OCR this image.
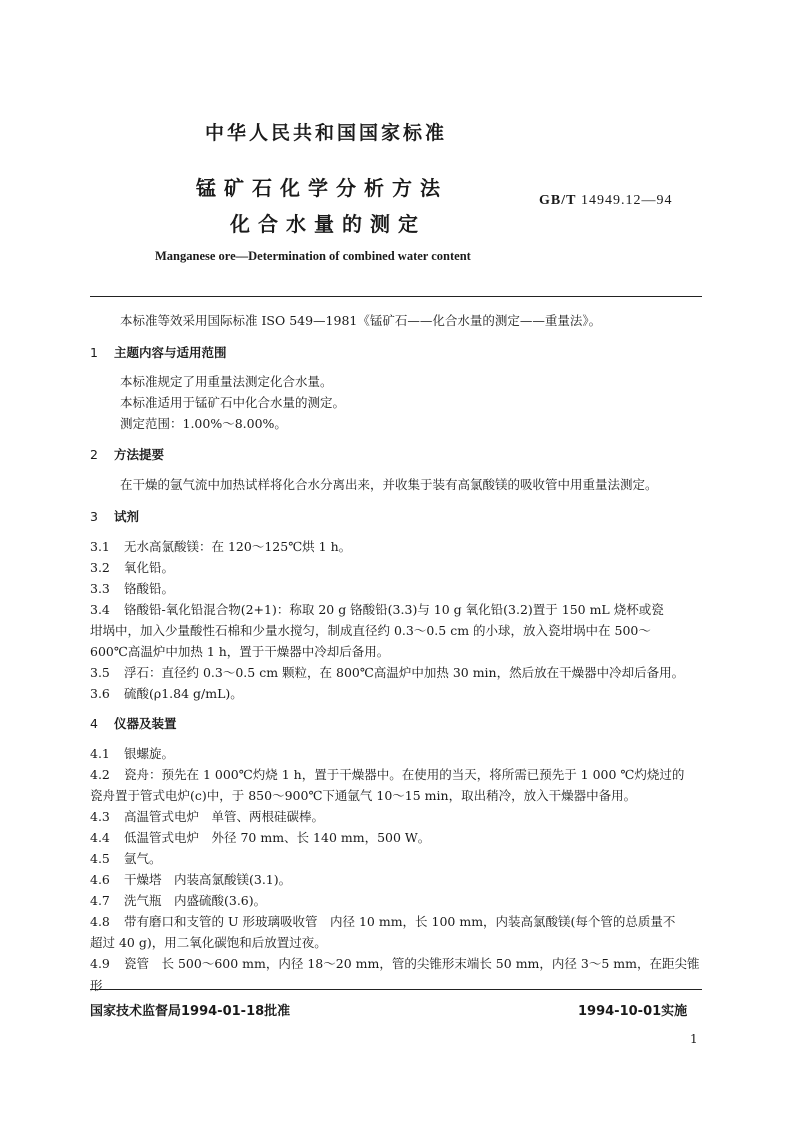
中华人民共和国国家标准
锰矿石化学分析方法
化合水量的测定
GB/T 14949.12—94
Manganese ore—Determination of combined water content
本标准等效采用国际标准 ISO 549—1981《锰矿石——化合水量的测定——重量法》。
1 主题内容与适用范围
本标准规定了用重量法测定化合水量。
本标准适用于锰矿石中化合水量的测定。
测定范围：1.00%～8.00%。
2 方法提要
在干燥的氩气流中加热试样将化合水分离出来，并收集于装有高氯酸镁的吸收管中用重量法测定。
3 试剂
3.1 无水高氯酸镁：在 120～125℃烘 1 h。
3.2 氧化铅。
3.3 铬酸铅。
3.4 铬酸铅-氧化铅混合物(2+1)：称取 20 g 铬酸铅(3.3)与 10 g 氧化铅(3.2)置于 150 mL 烧杯或瓷
坩埚中，加入少量酸性石棉和少量水搅匀，制成直径约 0.3～0.5 cm 的小球，放入瓷坩埚中在 500～
600℃高温炉中加热 1 h，置于干燥器中冷却后备用。
3.5 浮石：直径约 0.3～0.5 cm 颗粒，在 800℃高温炉中加热 30 min，然后放在干燥器中冷却后备用。
3.6 硫酸(ρ1.84 g/mL)。
4 仪器及装置
4.1 银螺旋。
4.2 瓷舟：预先在 1 000℃灼烧 1 h，置于干燥器中。在使用的当天，将所需已预先于 1 000 ℃灼烧过的
瓷舟置于管式电炉(c)中，于 850～900℃下通氩气 10～15 min，取出稍冷，放入干燥器中备用。
4.3 高温管式电炉　单管、两根硅碳棒。
4.4 低温管式电炉　外径 70 mm、长 140 mm，500 W。
4.5 氩气。
4.6 干燥塔　内装高氯酸镁(3.1)。
4.7 洗气瓶　内盛硫酸(3.6)。
4.8 带有磨口和支管的 U 形玻璃吸收管　内径 10 mm，长 100 mm，内装高氯酸镁(每个管的总质量不
超过 40 g)，用二氧化碳饱和后放置过夜。
4.9 瓷管　长 500～600 mm，内径 18～20 mm，管的尖锥形末端长 50 mm，内径 3～5 mm，在距尖锥形
国家技术监督局1994-01-18批准	1994-10-01实施
1
